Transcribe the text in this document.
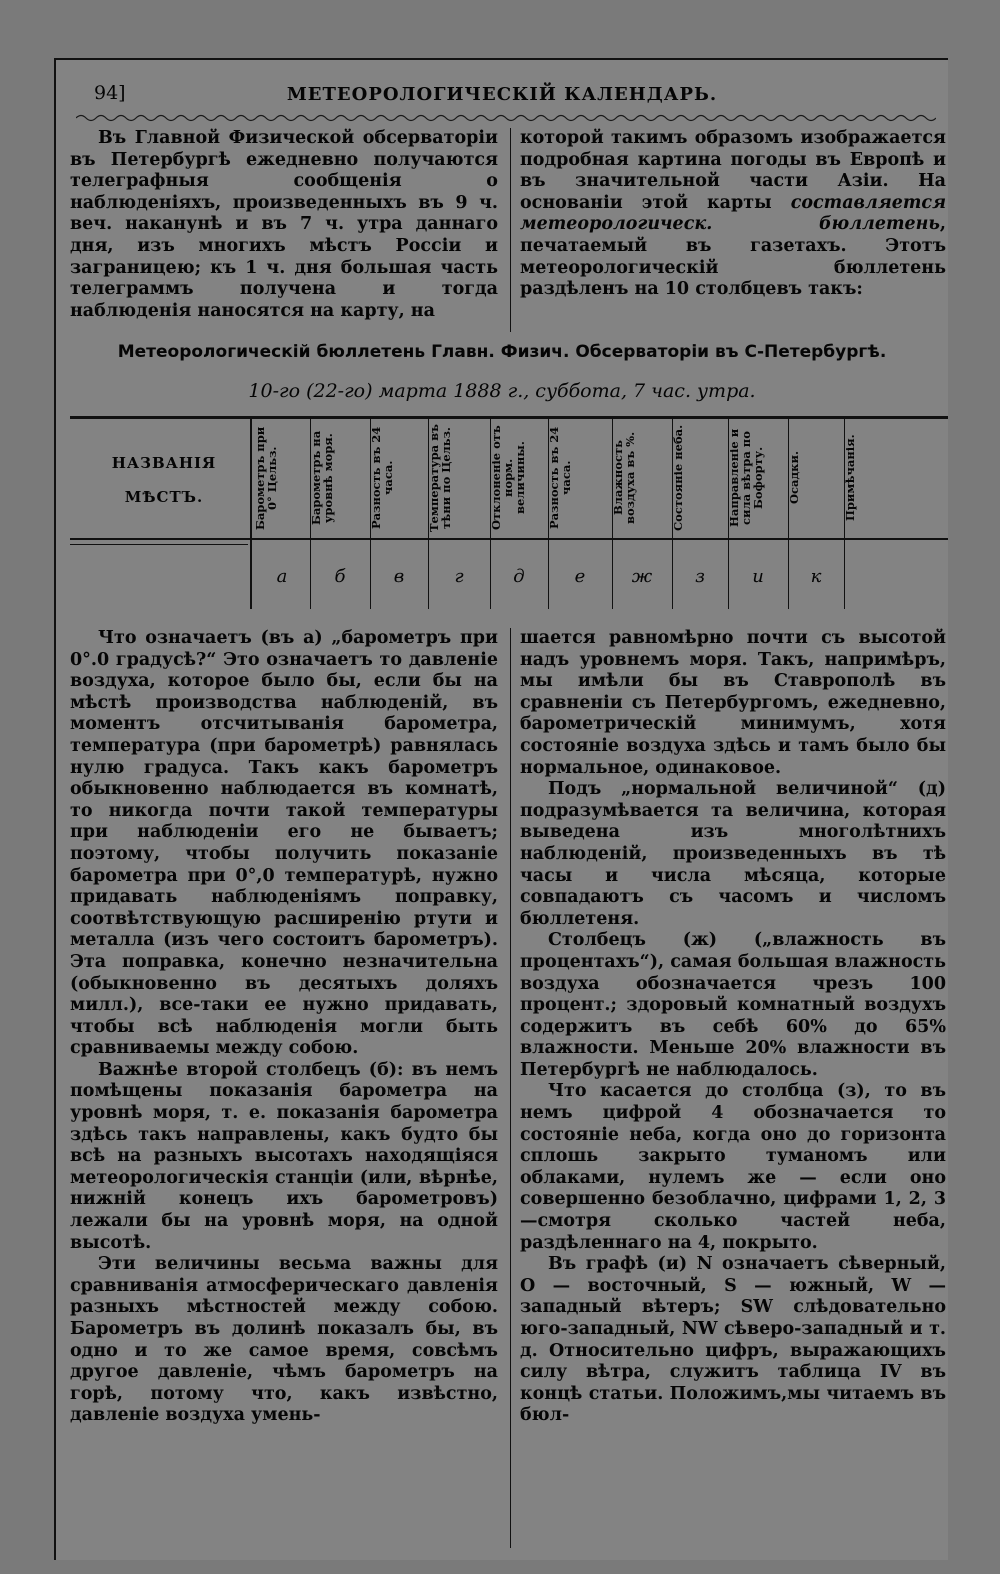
94]	МЕТЕОРОЛОГИЧЕСКІЙ КАЛЕНДАРЬ.

Въ Главной Физической обсерваторіи въ Петербургѣ ежедневно получаются телеграфныя сообщенія о наблюденіяхъ, произведенныхъ въ 9 ч. веч. наканунѣ и въ 7 ч. утра даннаго дня, изъ многихъ мѣстъ Россіи и заграницею; къ 1 ч. дня большая часть телеграммъ получена и тогда наблюденія наносятся на карту, на

которой такимъ образомъ изображается подробная картина погоды въ Европѣ и въ значительной части Азіи. На основаніи этой карты составляется метеорологическ. бюллетень, печатаемый въ газетахъ. Этотъ метеорологическій бюллетень раздѣленъ на 10 столбцевъ такъ:

Метеорологическій бюллетень Главн. Физич. Обсерваторіи въ С-Петербургѣ.
10-го (22-го) марта 1888 г., суббота, 7 час. утра.
НАЗВАНІЯ
МѢСТЪ.	Барометръ при 0° Цельз.
а
Барометръ на уровнѣ моря.
б
Разность въ 24 часа.
в
Температура въ тѣни по Цельз.
г
Отклоненіе отъ норм. величины.
д
Разность въ 24 часа.
е
Влажность воздуха въ %.
ж
Состояніе неба.
з
Направленіе и сила вѣтра по Бофорту.
и
Осадки.
к
Примѣчанія.

Что означаетъ (въ а) „барометръ при 0°.0 градусѣ?“ Это означаетъ то давленіе воздуха, которое было бы, если бы на мѣстѣ производства наблюденій, въ моментъ отсчитыванія барометра, температура (при барометрѣ) равнялась нулю градуса. Такъ какъ барометръ обыкновенно наблюдается въ комнатѣ, то никогда почти такой температуры при наблюденіи его не бываетъ; поэтому, чтобы получить показаніе барометра при 0°,0 температурѣ, нужно придавать наблюденіямъ поправку, соотвѣтствующую расширенію ртути и металла (изъ чего состоитъ барометръ). Эта поправка, конечно незначительна (обыкновенно въ десятыхъ доляхъ милл.), все-таки ее нужно придавать, чтобы всѣ наблюденія могли быть сравниваемы между собою.

Важнѣе второй столбецъ (б): въ немъ помѣщены показанія барометра на уровнѣ моря, т. е. показанія барометра здѣсь такъ направлены, какъ будто бы всѣ на разныхъ высотахъ находящіяся метеорологическія станціи (или, вѣрнѣе, нижній конецъ ихъ барометровъ) лежали бы на уровнѣ моря, на одной высотѣ.

Эти величины весьма важны для сравниванія атмосферическаго давленія разныхъ мѣстностей между собою. Барометръ въ долинѣ показалъ бы, въ одно и то же самое время, совсѣмъ другое давленіе, чѣмъ барометръ на горѣ, потому что, какъ извѣстно, давленіе воздуха умень-

шается равномѣрно почти съ высотой надъ уровнемъ моря. Такъ, напримѣръ, мы имѣли бы въ Ставрополѣ въ сравненіи съ Петербургомъ, ежедневно, барометрическій минимумъ, хотя состояніе воздуха здѣсь и тамъ было бы нормальное, одинаковое.

Подъ „нормальной величиной“ (д) подразумѣвается та величина, которая выведена изъ многолѣтнихъ наблюденій, произведенныхъ въ тѣ часы и числа мѣсяца, которые совпадаютъ съ часомъ и числомъ бюллетеня.

Столбецъ (ж) („влажность въ процентахъ“), самая большая влажность воздуха обозначается чрезъ 100 процент.; здоровый комнатный воздухъ содержитъ въ себѣ 60% до 65% влажности. Меньше 20% влажности въ Петербургѣ не наблюдалось.

Что касается до столбца (з), то въ немъ цифрой 4 обозначается то состояніе неба, когда оно до горизонта сплошь закрыто туманомъ или облаками, нулемъ же — если оно совершенно безоблачно, цифрами 1, 2, 3—смотря сколько частей неба, раздѣленнаго на 4, покрыто.

Въ графѣ (и) N означаетъ сѣверный, О — восточный, S — южный, W — западный вѣтеръ; SW слѣдовательно юго-западный, NW сѣверо-западный и т. д. Относительно цифръ, выражающихъ силу вѣтра, служитъ таблица IV въ концѣ статьи. Положимъ,мы читаемъ въ бюл-
